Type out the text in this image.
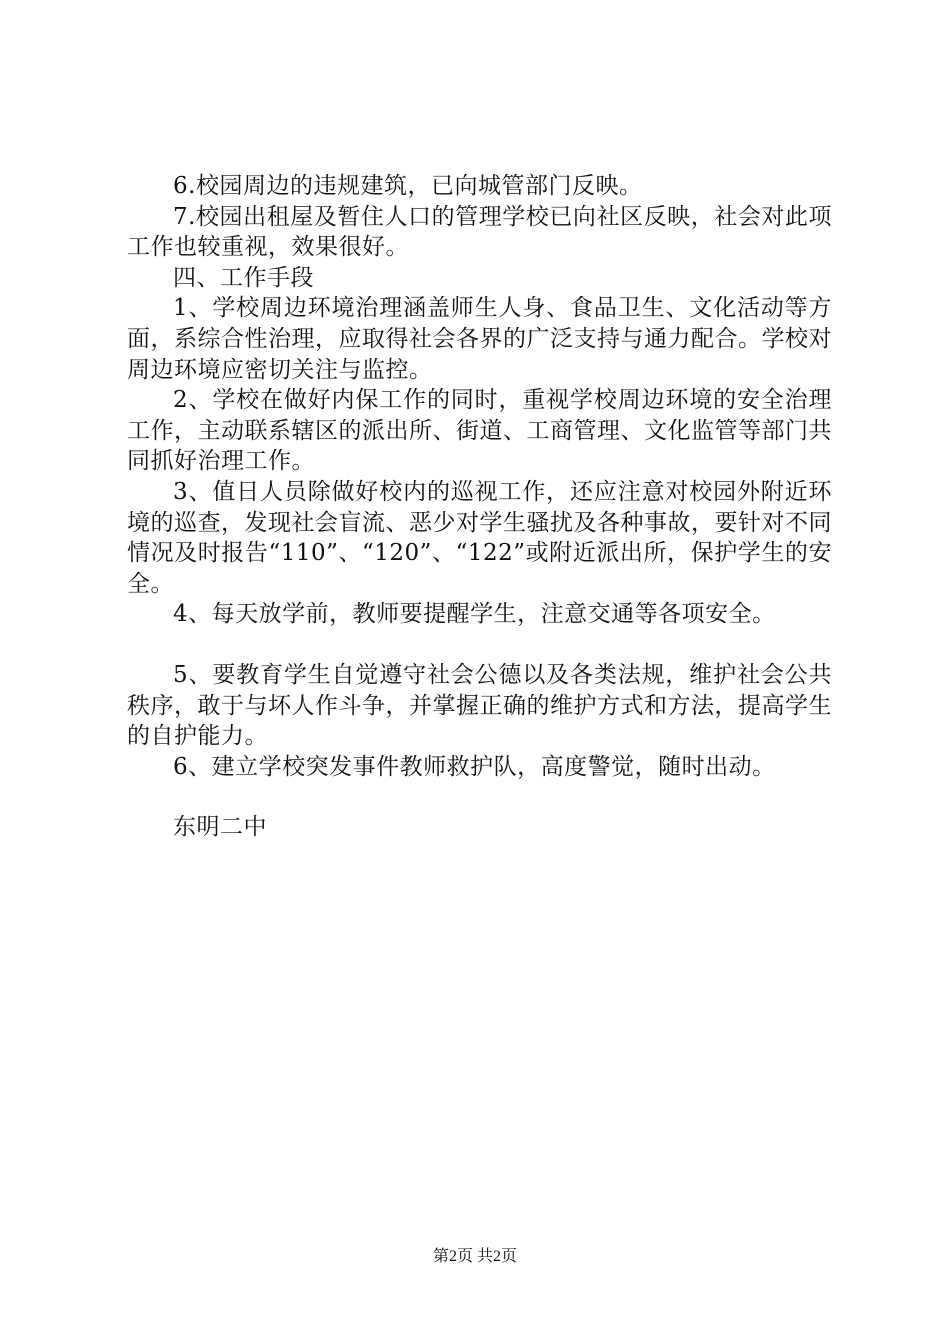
6.校园周边的违规建筑，已向城管部门反映。

7.校园出租屋及暂住人口的管理学校已向社区反映，社会对此项工作也较重视，效果很好。

四、工作手段

1、学校周边环境治理涵盖师生人身、食品卫生、文化活动等方面，系综合性治理，应取得社会各界的广泛支持与通力配合。学校对周边环境应密切关注与监控。

2、学校在做好内保工作的同时，重视学校周边环境的安全治理工作，主动联系辖区的派出所、街道、工商管理、文化监管等部门共同抓好治理工作。

3、值日人员除做好校内的巡视工作，还应注意对校园外附近环境的巡查，发现社会盲流、恶少对学生骚扰及各种事故，要针对不同情况及时报告“110”、“120”、“122”或附近派出所，保护学生的安全。

4、每天放学前，教师要提醒学生，注意交通等各项安全。

5、要教育学生自觉遵守社会公德以及各类法规，维护社会公共秩序，敢于与坏人作斗争，并掌握正确的维护方式和方法，提高学生的自护能力。

6、建立学校突发事件教师救护队，高度警觉，随时出动。

东明二中

第2页 共2页
